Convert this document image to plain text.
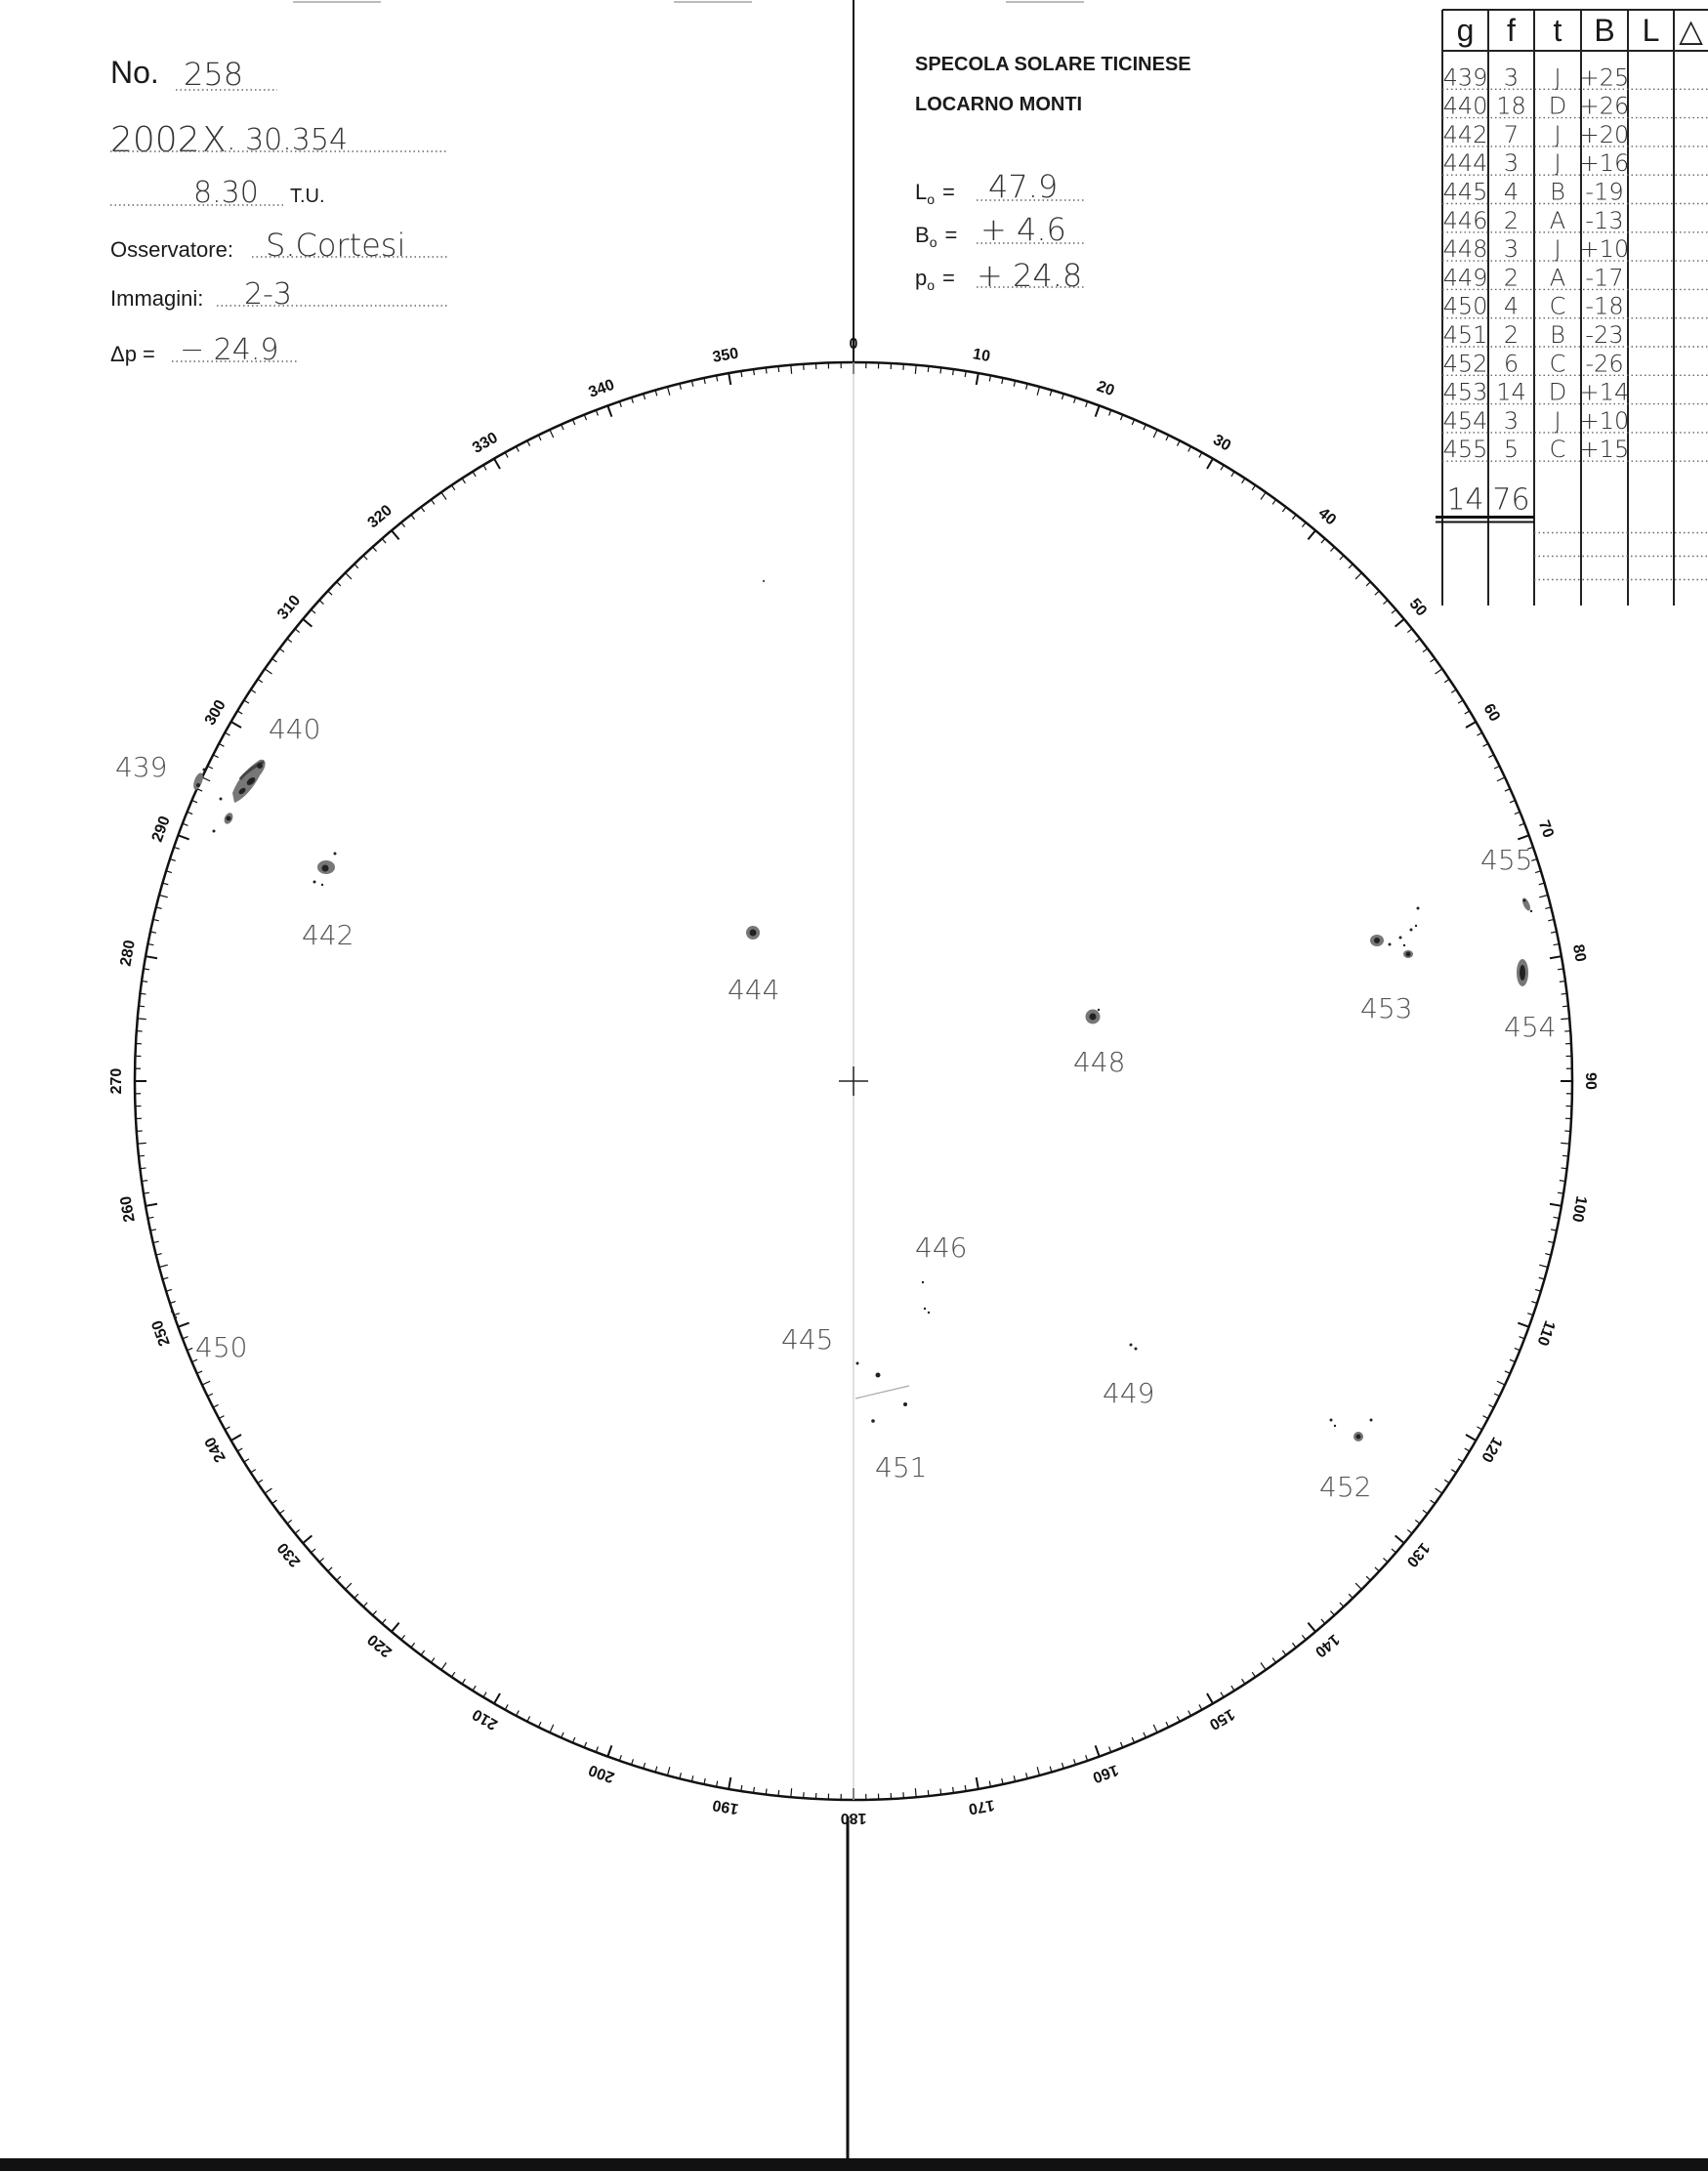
No. 258
2002 X . 30.354
8.30 T.U.
Osservatore: S.Cortesi
Immagini: 2-3
Δp = − 24.9
SPECOLA SOLARE TICINESE
LOCARNO MONTI
$L_o = 47.9$
$B_o$ = + 4.6
$p_o$ = + 24.8
g f t B L △
439 3 J +25
440 18 D +26
442 7 J +20
444 3 J +16
445 4 B -19
446 2 A -13
448 3 J +10
449 2 A -17
450 4 C -18
451 2 B -23
452 6 C -26
453 14 D +14
454 3 J +10
455 5 C +15
14 76
0
10
20
30
40
50
60
70
80
90
100
110
120
130
140
150
160
170
180
190
200
210
220
230
240
250
260
270
280
290
300
310
320
330
340
350
439
440
442
444
445
446
448
449
450
451
452
453
454
455
